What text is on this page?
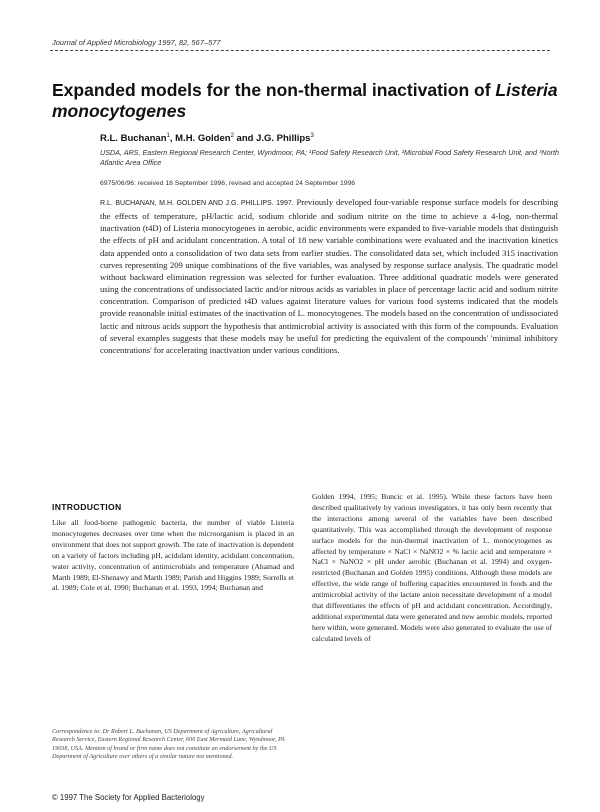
Journal of Applied Microbiology 1997, 82, 567–577
Expanded models for the non-thermal inactivation of Listeria monocytogenes
R.L. Buchanan$^1$, M.H. Golden$^2$ and J.G. Phillips$^3$
USDA, ARS, Eastern Regional Research Center, Wyndmoor, PA; ¹Food Safety Research Unit, ²Microbial Food Safety Research Unit, and ³North Atlantic Area Office
6975/06/96: received 18 September 1996, revised and accepted 24 September 1996
R.L. BUCHANAN, M.H. GOLDEN AND J.G. PHILLIPS. 1997. Previously developed four-variable response surface models for describing the effects of temperature, pH/lactic acid, sodium chloride and sodium nitrite on the time to achieve a 4-log, non-thermal inactivation (t4D) of Listeria monocytogenes in aerobic, acidic environments were expanded to five-variable models that distinguish the effects of pH and acidulant concentration. A total of 18 new variable combinations were evaluated and the inactivation kinetics data appended onto a consolidation of two data sets from earlier studies. The consolidated data set, which included 315 inactivation curves representing 209 unique combinations of the five variables, was analysed by response surface analysis. The quadratic model without backward elimination regression was selected for further evaluation. Three additional quadratic models were generated using the concentrations of undissociated lactic and/or nitrous acids as variables in place of percentage lactic acid and sodium nitrite concentration. Comparison of predicted t4D values against literature values for various food systems indicated that the models provide reasonable initial estimates of the inactivation of L. monocytogenes. The models based on the concentration of undissociated lactic and nitrous acids support the hypothesis that antimicrobial activity is associated with this form of the compounds. Evaluation of several examples suggests that these models may be useful for predicting the equivalent of the compounds' 'minimal inhibitory concentrations' for accelerating inactivation under various conditions.
INTRODUCTION
Like all food-borne pathogenic bacteria, the number of viable Listeria monocytogenes decreases over time when the microorganism is placed in an environment that does not support growth. The rate of inactivation is dependent on a variety of factors including pH, acidulant identity, acidulant concentration, water activity, concentration of antimicrobials and temperature (Ahamad and Marth 1989; El-Shenawy and Marth 1989; Parish and Higgins 1989; Sorrells et al. 1989; Cole et al. 1990; Buchanan et al. 1993, 1994; Buchanan and
Golden 1994, 1995; Buncic et al. 1995). While these factors have been described qualitatively by various investigators, it has only been recently that the interactions among several of the variables have been described quantitatively. This was accomplished through the development of response surface models for the non-thermal inactivation of L. monocytogenes as affected by temperature × NaCl × NaNO2 × % lactic acid and temperature × NaCl × NaNO2 × pH under aerobic (Buchanan et al. 1994) and oxygen-restricted (Buchanan and Golden 1995) conditions. Although these models are effective, the wide range of buffering capacities encountered in foods and the antimicrobial activity of the lactate anion necessitate development of a model that differentiates the effects of pH and acidulant concentration. Accordingly, additional experimental data were generated and new aerobic models, reported here within, were generated. Models were also generated to evaluate the use of calculated levels of
Correspondence to: Dr Robert L. Buchanan, US Department of Agriculture, Agricultural Research Service, Eastern Regional Research Center, 600 East Mermaid Lane, Wyndmoor, PA 19038, USA. Mention of brand or firm name does not constitute an endorsement by the US Department of Agriculture over others of a similar nature not mentioned.
© 1997 The Society for Applied Bacteriology
